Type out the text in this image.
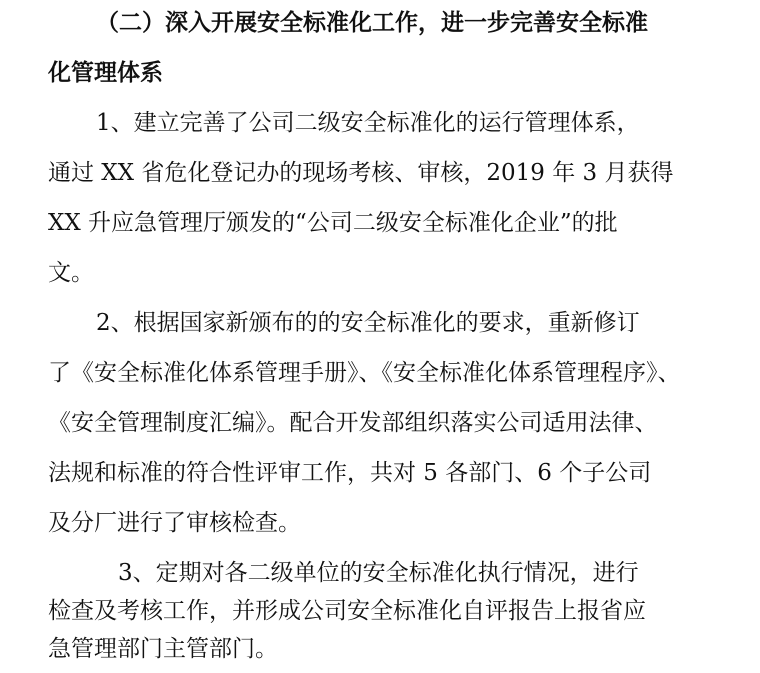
（二）深入开展安全标准化工作，进一步完善安全标准
化管理体系
1、建立完善了公司二级安全标准化的运行管理体系，
通过 XX 省危化登记办的现场考核、审核，2019 年 3 月获得
XX 升应急管理厅颁发的“公司二级安全标准化企业”的批
文。
2、根据国家新颁布的的安全标准化的要求，重新修订
了《安全标准化体系管理手册》、《安全标准化体系管理程序》、
《安全管理制度汇编》。配合开发部组织落实公司适用法律、
法规和标准的符合性评审工作，共对 5 各部门、6 个子公司
及分厂进行了审核检查。
3、定期对各二级单位的安全标准化执行情况，进行
检查及考核工作，并形成公司安全标准化自评报告上报省应
急管理部门主管部门。
